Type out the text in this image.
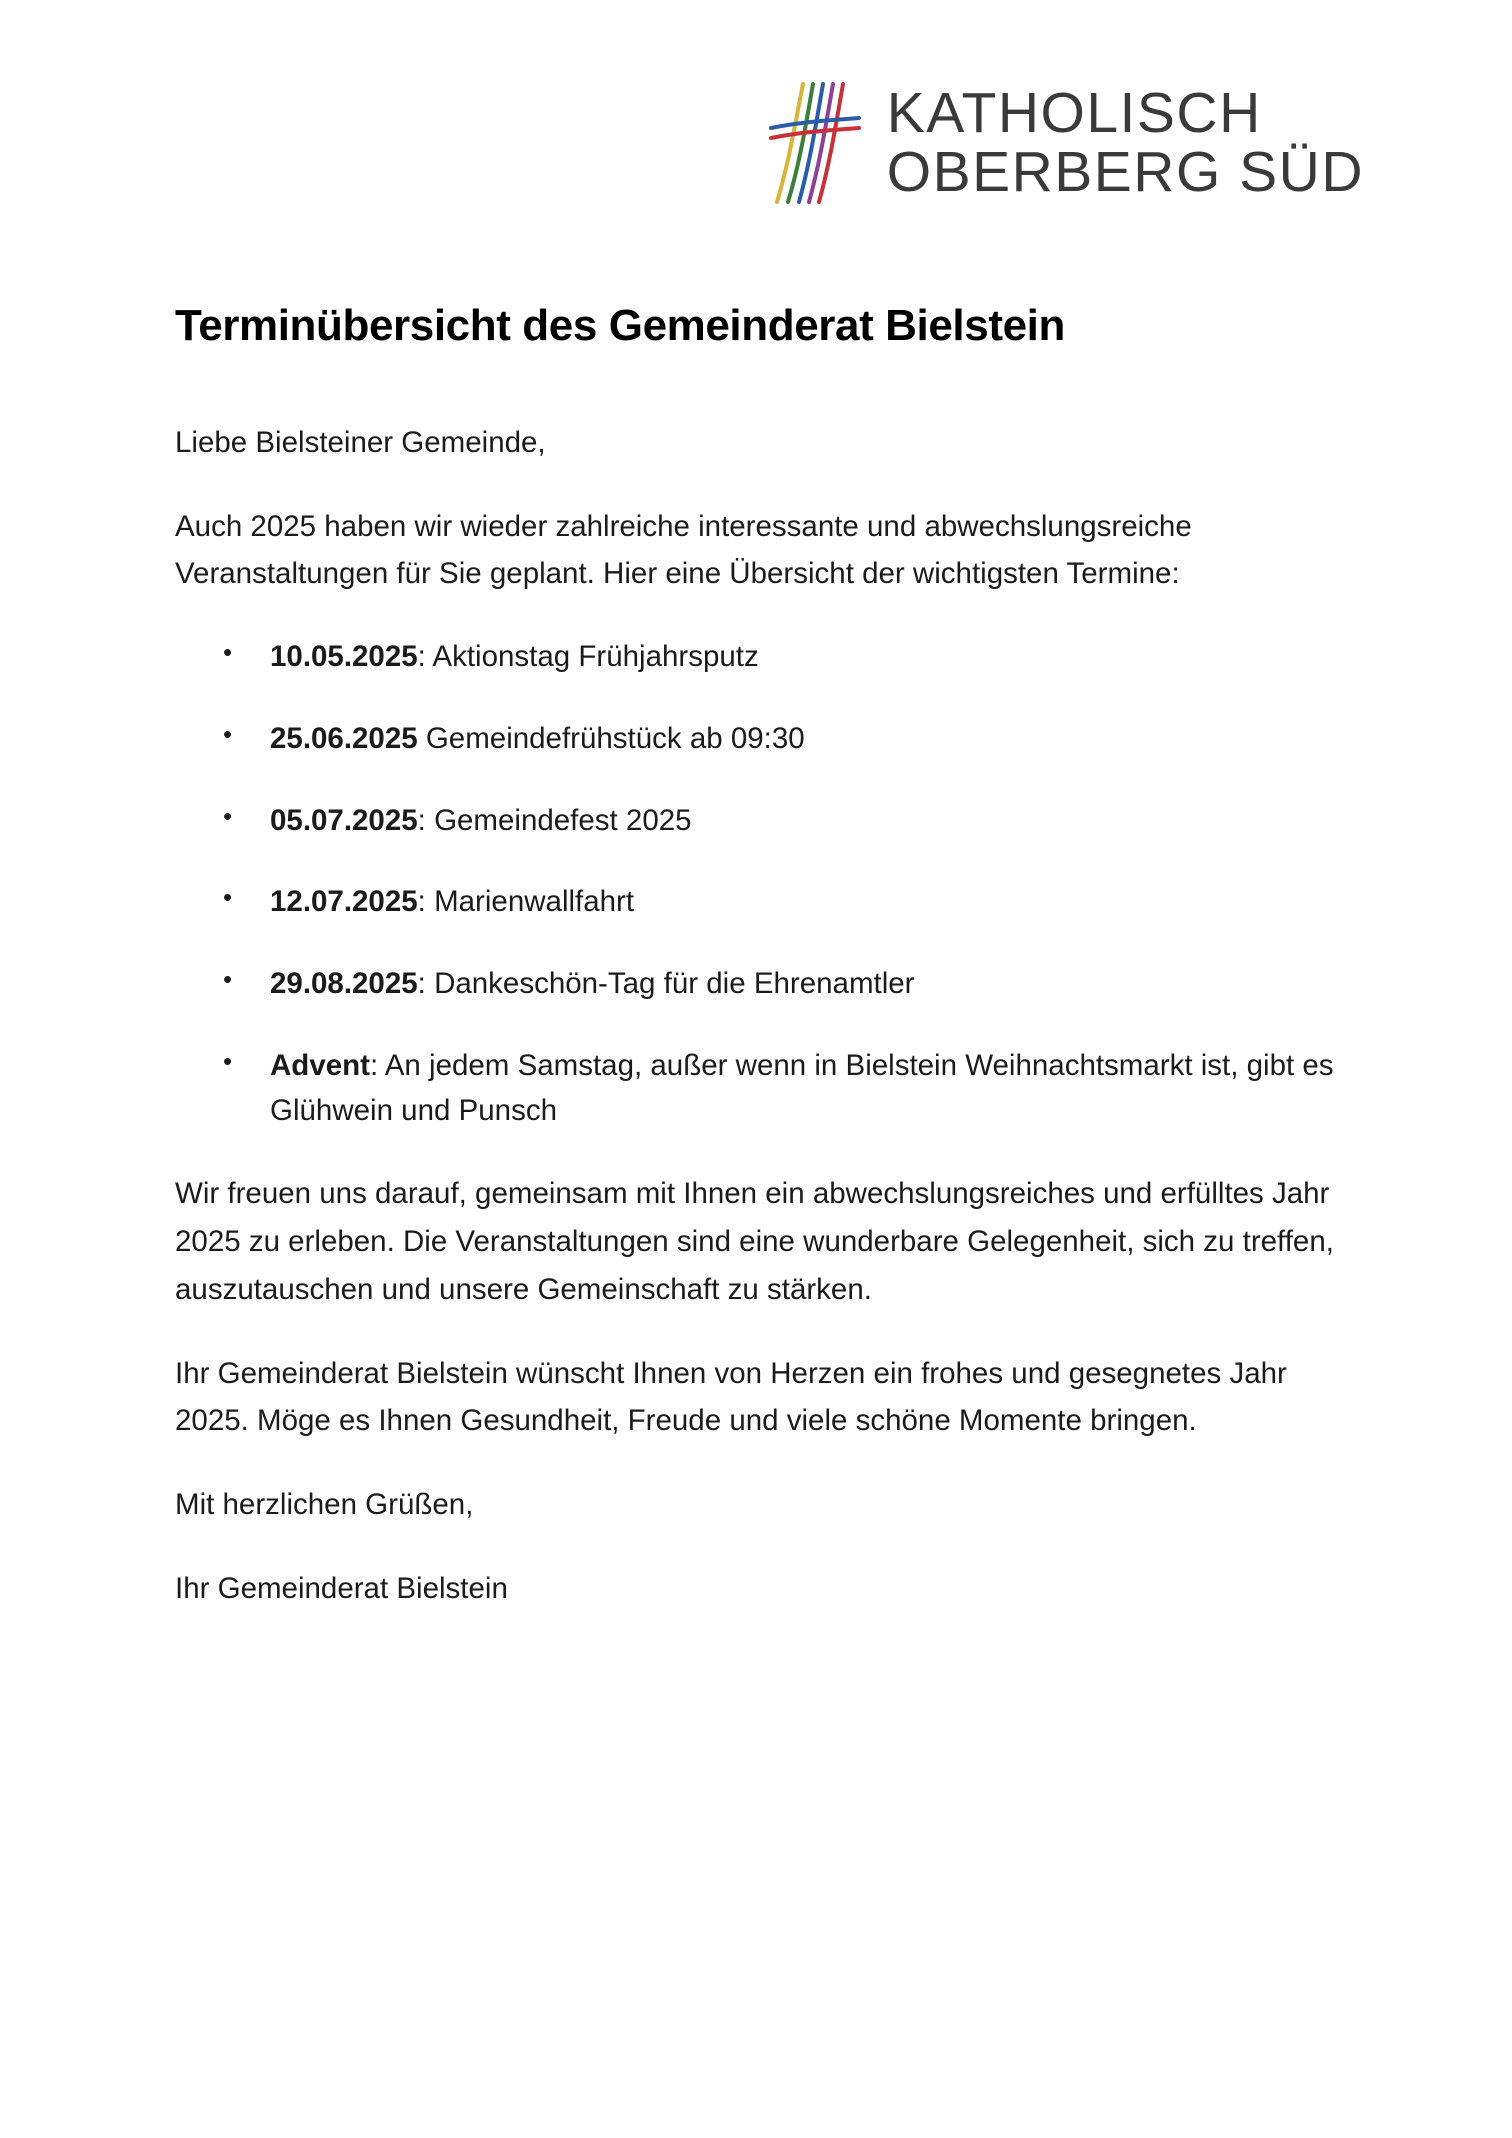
KATHOLISCH
OBERBERG SÜD
Terminübersicht des Gemeinderat Bielstein

Liebe Bielsteiner Gemeinde,

Auch 2025 haben wir wieder zahlreiche interessante und abwechslungsreiche Veranstaltungen für Sie geplant. Hier eine Übersicht der wichtigsten Termine:

• 10.05.2025: Aktionstag Frühjahrsputz
• 25.06.2025 Gemeindefrühstück ab 09:30
• 05.07.2025: Gemeindefest 2025
• 12.07.2025: Marienwallfahrt
• 29.08.2025: Dankeschön-Tag für die Ehrenamtler
• Advent: An jedem Samstag, außer wenn in Bielstein Weihnachtsmarkt ist, gibt es Glühwein und Punsch

Wir freuen uns darauf, gemeinsam mit Ihnen ein abwechslungsreiches und erfülltes Jahr 2025 zu erleben. Die Veranstaltungen sind eine wunderbare Gelegenheit, sich zu treffen, auszutauschen und unsere Gemeinschaft zu stärken.

Ihr Gemeinderat Bielstein wünscht Ihnen von Herzen ein frohes und gesegnetes Jahr 2025. Möge es Ihnen Gesundheit, Freude und viele schöne Momente bringen.

Mit herzlichen Grüßen,

Ihr Gemeinderat Bielstein
